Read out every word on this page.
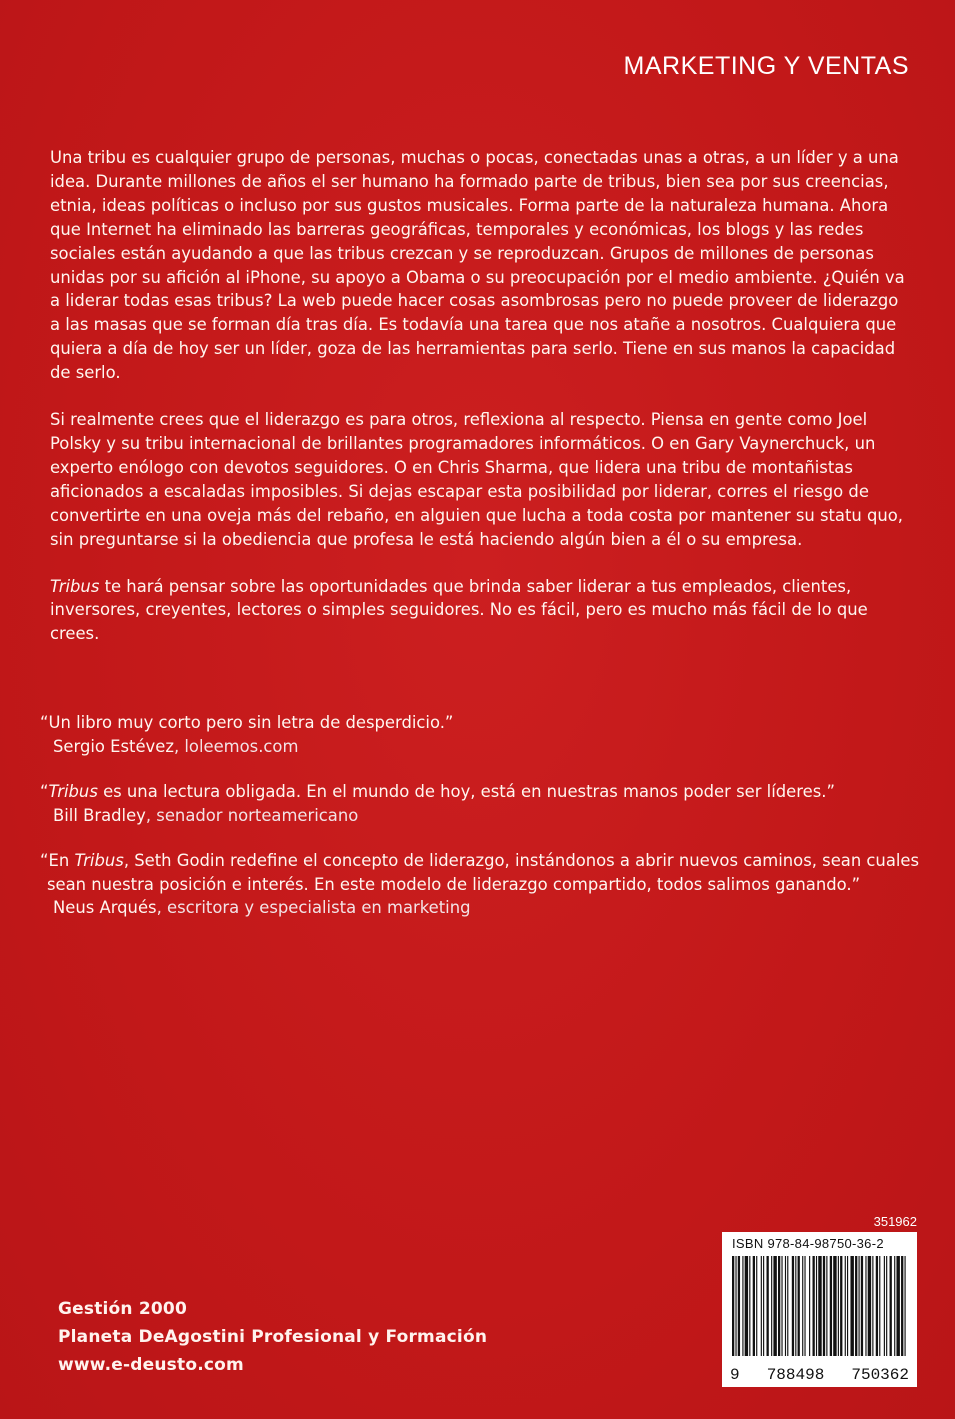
MARKETING Y VENTAS

Una tribu es cualquier grupo de personas, muchas o pocas, conectadas unas a otras, a un líder y a una idea. Durante millones de años el ser humano ha formado parte de tribus, bien sea por sus creencias, etnia, ideas políticas o incluso por sus gustos musicales. Forma parte de la naturaleza humana. Ahora que Internet ha eliminado las barreras geográficas, temporales y económicas, los blogs y las redes sociales están ayudando a que las tribus crezcan y se reproduzcan. Grupos de millones de personas unidas por su afición al iPhone, su apoyo a Obama o su preocupación por el medio ambiente. ¿Quién va a liderar todas esas tribus? La web puede hacer cosas asombrosas pero no puede proveer de liderazgo a las masas que se forman día tras día. Es todavía una tarea que nos atañe a nosotros. Cualquiera que quiera a día de hoy ser un líder, goza de las herramientas para serlo. Tiene en sus manos la capacidad de serlo.

Si realmente crees que el liderazgo es para otros, reflexiona al respecto. Piensa en gente como Joel Polsky y su tribu internacional de brillantes programadores informáticos. O en Gary Vaynerchuck, un experto enólogo con devotos seguidores. O en Chris Sharma, que lidera una tribu de montañistas aficionados a escaladas imposibles. Si dejas escapar esta posibilidad por liderar, corres el riesgo de convertirte en una oveja más del rebaño, en alguien que lucha a toda costa por mantener su statu quo, sin preguntarse si la obediencia que profesa le está haciendo algún bien a él o su empresa.

Tribus te hará pensar sobre las oportunidades que brinda saber liderar a tus empleados, clientes, inversores, creyentes, lectores o simples seguidores. No es fácil, pero es mucho más fácil de lo que crees.

“Un libro muy corto pero sin letra de desperdicio.”
Sergio Estévez, loleemos.com
“Tribus es una lectura obligada. En el mundo de hoy, está en nuestras manos poder ser líderes.”
Bill Bradley, senador norteamericano
“En Tribus, Seth Godin redefine el concepto de liderazgo, instándonos a abrir nuevos caminos, sean cuales sean nuestra posición e interés. En este modelo de liderazgo compartido, todos salimos ganando.”
Neus Arqués, escritora y especialista en marketing
Gestión 2000
Planeta DeAgostini Profesional y Formación
www.e-deusto.com
351962
ISBN 978-84-98750-36-2
9 788498 750362
